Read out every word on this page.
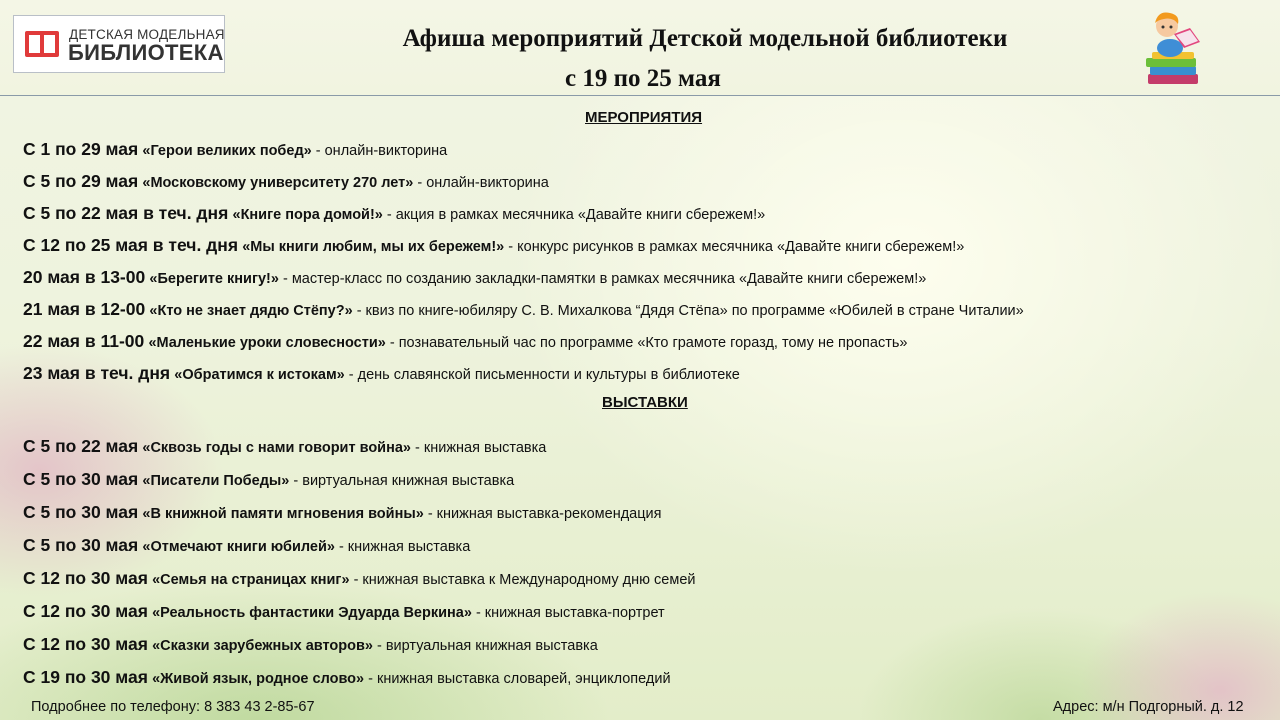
ДЕТСКАЯ МОДЕЛЬНАЯ
БИБЛИОТЕКА
Афиша мероприятий Детской модельной библиотеки
с 19 по 25 мая
МЕРОПРИЯТИЯ
С 1 по 29 мая «Герои великих побед» - онлайн-викторина
С 5 по 29 мая «Московскому университету 270 лет» - онлайн-викторина
С 5 по 22 мая в теч. дня «Книге пора домой!» - акция в рамках месячника «Давайте книги сбережем!»
С 12 по 25 мая в теч. дня «Мы книги любим, мы их бережем!» - конкурс рисунков в рамках месячника «Давайте книги сбережем!»
20 мая в 13-00 «Берегите книгу!» - мастер-класс по созданию закладки-памятки в рамках месячника «Давайте книги сбережем!»
21 мая в 12-00 «Кто не знает дядю Стёпу?» - квиз по книге-юбиляру С. В. Михалкова “Дядя Стёпа» по программе «Юбилей в стране Читалии»
22 мая в 11-00 «Маленькие уроки словесности» - познавательный час по программе «Кто грамоте горазд, тому не пропасть»
23 мая в теч. дня «Обратимся к истокам» - день славянской письменности и культуры в библиотеке
ВЫСТАВКИ
С 5 по 22 мая «Сквозь годы с нами говорит война» - книжная выставка
С 5 по 30 мая «Писатели Победы» - виртуальная книжная выставка
С 5 по 30 мая «В книжной памяти мгновения войны» - книжная выставка-рекомендация
С 5 по 30 мая «Отмечают книги юбилей» - книжная выставка
С 12 по 30 мая «Семья на страницах книг» - книжная выставка к Международному дню семей
С 12 по 30 мая «Реальность фантастики Эдуарда Веркина» - книжная выставка-портрет
С 12 по 30 мая «Сказки зарубежных авторов» - виртуальная книжная выставка
С 19 по 30 мая «Живой язык, родное слово» - книжная выставка словарей, энциклопедий
Подробнее по телефону: 8 383 43 2-85-67	Адрес: м/н Подгорный. д. 12
